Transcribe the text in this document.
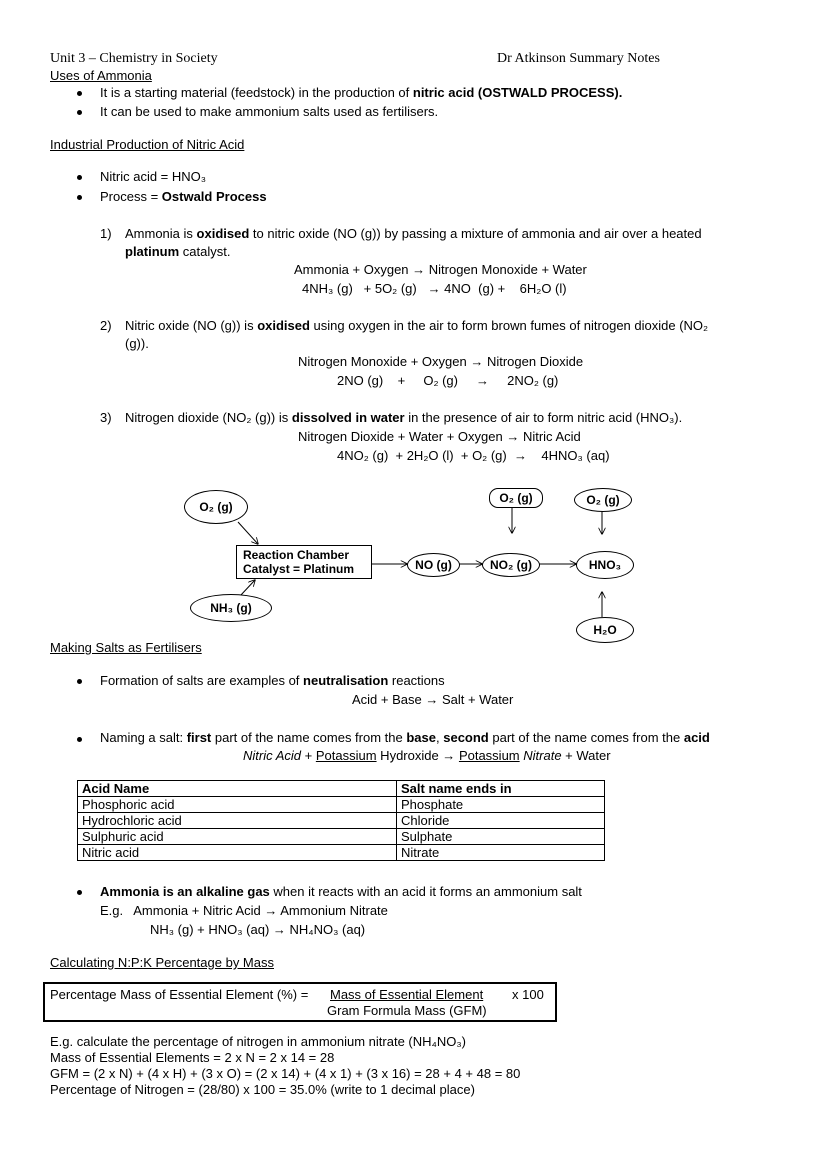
Unit 3 – Chemistry in Society	Dr Atkinson Summary Notes
Uses of Ammonia
It is a starting material (feedstock) in the production of nitric acid (OSTWALD PROCESS).
It can be used to make ammonium salts used as fertilisers.
Industrial Production of Nitric Acid
Nitric acid = HNO₃
Process = Ostwald Process
1) Ammonia is oxidised to nitric oxide (NO (g)) by passing a mixture of ammonia and air over a heated
platinum catalyst.
Ammonia + Oxygen → Nitrogen Monoxide + Water
4NH₃ (g)   + 5O₂ (g)   → 4NO  (g) +    6H₂O (l)
2) Nitric oxide (NO (g)) is oxidised using oxygen in the air to form brown fumes of nitrogen dioxide (NO₂
(g)).
Nitrogen Monoxide + Oxygen → Nitrogen Dioxide
2NO (g)    +     O₂ (g)     →     2NO₂ (g)
3) Nitrogen dioxide (NO₂ (g)) is dissolved in water in the presence of air to form nitric acid (HNO₃).
Nitrogen Dioxide + Water + Oxygen → Nitric Acid
4NO₂ (g)  + 2H₂O (l)  + O₂ (g)  →    4HNO₃ (aq)
O₂ (g)
O₂ (g)	O₂ (g)
Reaction Chamber
Catalyst = Platinum	NO (g)	NO₂ (g)	HNO₃
NH₃ (g)
H₂O
Making Salts as Fertilisers
Formation of salts are examples of neutralisation reactions
Acid + Base → Salt + Water
Naming a salt: first part of the name comes from the base, second part of the name comes from the acid
Nitric Acid + Potassium Hydroxide → Potassium Nitrate + Water
Acid Name	Salt name ends in
Phosphoric acid	Phosphate
Hydrochloric acid	Chloride
Sulphuric acid	Sulphate
Nitric acid	Nitrate
Ammonia is an alkaline gas when it reacts with an acid it forms an ammonium salt
E.g.   Ammonia + Nitric Acid → Ammonium Nitrate
NH₃ (g) + HNO₃ (aq) → NH₄NO₃ (aq)
Calculating N:P:K Percentage by Mass
Percentage Mass of Essential Element (%) = Mass of Essential Element x 100
Gram Formula Mass (GFM)
E.g. calculate the percentage of nitrogen in ammonium nitrate (NH₄NO₃)
Mass of Essential Elements = 2 x N = 2 x 14 = 28
GFM = (2 x N) + (4 x H) + (3 x O) = (2 x 14) + (4 x 1) + (3 x 16) = 28 + 4 + 48 = 80
Percentage of Nitrogen = (28/80) x 100 = 35.0% (write to 1 decimal place)
